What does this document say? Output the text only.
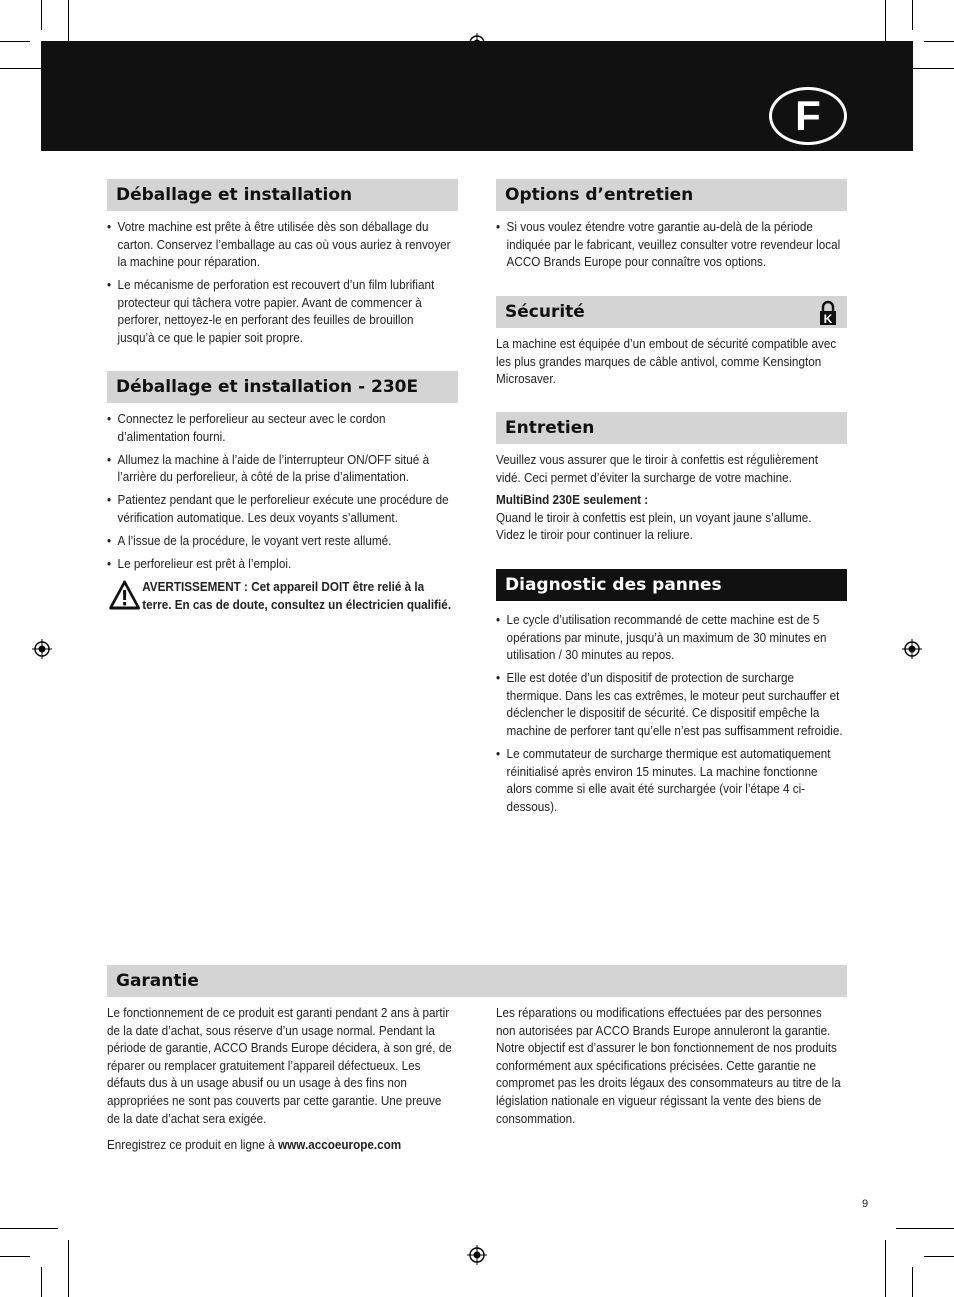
F
Déballage et installation
• Votre machine est prête à être utilisée dès son déballage du carton. Conservez l’emballage au cas où vous auriez à renvoyer la machine pour réparation.
• Le mécanisme de perforation est recouvert d’un film lubrifiant protecteur qui tâchera votre papier. Avant de commencer à perforer, nettoyez-le en perforant des feuilles de brouillon jusqu’à ce que le papier soit propre.
Déballage et installation - 230E
• Connectez le perforelieur au secteur avec le cordon d’alimentation fourni.
• Allumez la machine à l’aide de l’interrupteur ON/OFF situé à l’arrière du perforelieur, à côté de la prise d’alimentation.
• Patientez pendant que le perforelieur exécute une procédure de vérification automatique. Les deux voyants s’allument.
• A l’issue de la procédure, le voyant vert reste allumé.
• Le perforelieur est prêt à l’emploi.
AVERTISSEMENT : Cet appareil DOIT être relié à la terre. En cas de doute, consultez un électricien qualifié.
Options d’entretien
• Si vous voulez étendre votre garantie au-delà de la période indiquée par le fabricant, veuillez consulter votre revendeur local ACCO Brands Europe pour connaître vos options.
Sécurité	K

La machine est équipée d’un embout de sécurité compatible avec les plus grandes marques de câble antivol, comme Kensington Microsaver.

Entretien

Veuillez vous assurer que le tiroir à confettis est régulièrement vidé. Ceci permet d’éviter la surcharge de votre machine.

MultiBind 230E seulement :

Quand le tiroir à confettis est plein, un voyant jaune s’allume. Videz le tiroir pour continuer la reliure.

Diagnostic des pannes
• Le cycle d’utilisation recommandé de cette machine est de 5 opérations par minute, jusqu’à un maximum de 30 minutes en utilisation / 30 minutes au repos.
• Elle est dotée d’un dispositif de protection de surcharge thermique. Dans les cas extrêmes, le moteur peut surchauffer et déclencher le dispositif de sécurité. Ce dispositif empêche la machine de perforer tant qu’elle n’est pas suffisamment refroidie.
• Le commutateur de surcharge thermique est automatiquement réinitialisé après environ 15 minutes. La machine fonctionne alors comme si elle avait été surchargée (voir l’étape 4 ci-dessous).
Garantie

Le fonctionnement de ce produit est garanti pendant 2 ans à partir de la date d’achat, sous réserve d’un usage normal. Pendant la période de garantie, ACCO Brands Europe décidera, à son gré, de réparer ou remplacer gratuitement l’appareil défectueux. Les défauts dus à un usage abusif ou un usage à des fins non appropriées ne sont pas couverts par cette garantie. Une preuve de la date d’achat sera exigée.

Enregistrez ce produit en ligne à www.accoeurope.com

Les réparations ou modifications effectuées par des personnes non autorisées par ACCO Brands Europe annuleront la garantie. Notre objectif est d’assurer le bon fonctionnement de nos produits conformément aux spécifications précisées. Cette garantie ne compromet pas les droits légaux des consommateurs au titre de la législation nationale en vigueur régissant la vente des biens de consommation.

9
